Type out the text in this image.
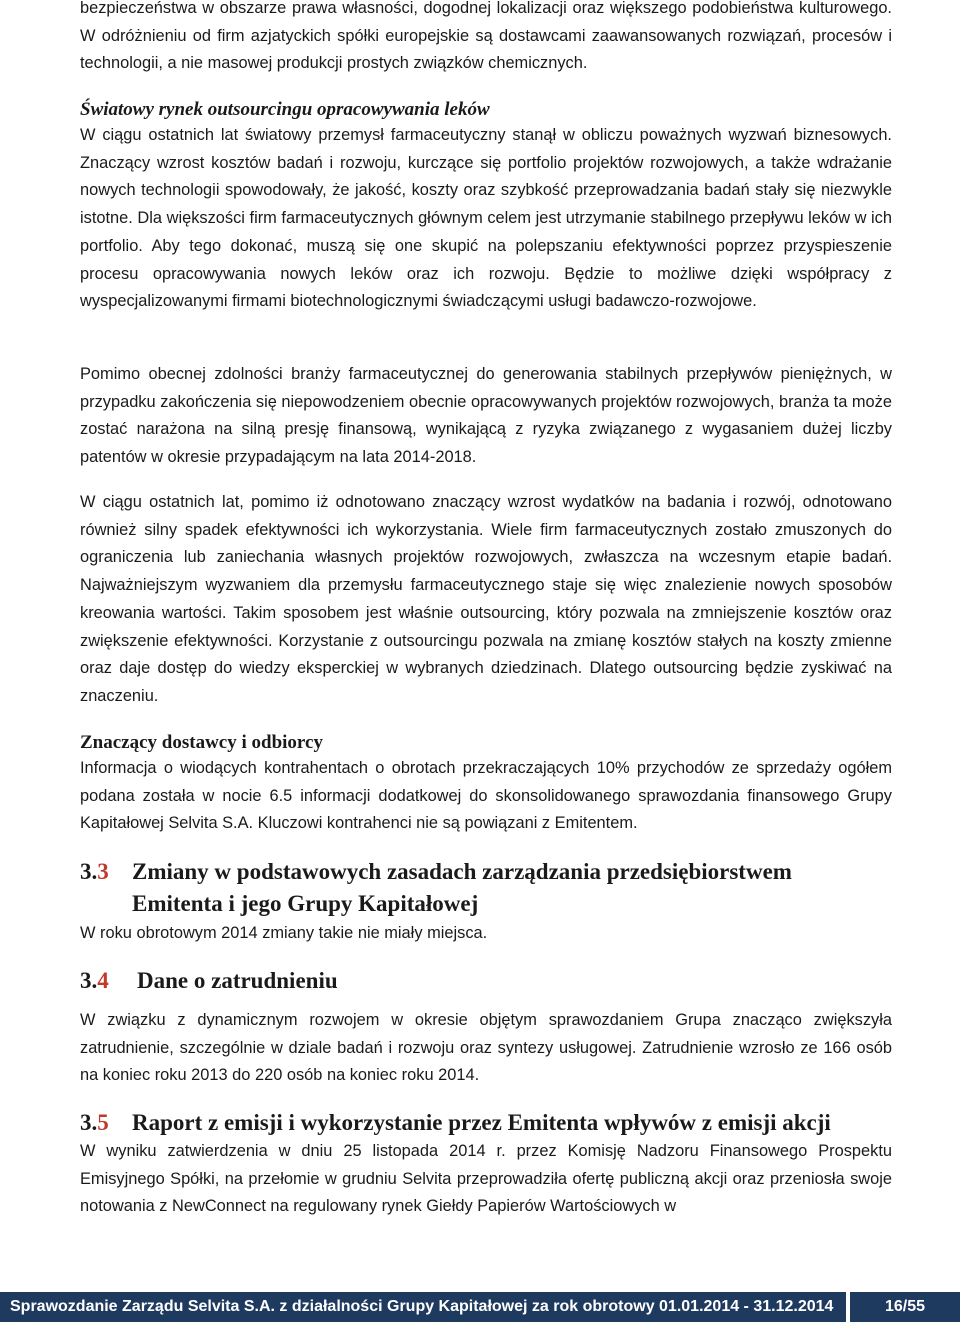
bezpieczeństwa w obszarze prawa własności, dogodnej lokalizacji oraz większego podobieństwa kulturowego. W odróżnieniu od firm azjatyckich spółki europejskie są dostawcami zaawansowanych rozwiązań, procesów i technologii, a nie masowej produkcji prostych związków chemicznych.

Światowy rynek outsourcingu opracowywania leków

W ciągu ostatnich lat światowy przemysł farmaceutyczny stanął w obliczu poważnych wyzwań biznesowych. Znaczący wzrost kosztów badań i rozwoju, kurczące się portfolio projektów rozwojowych, a także wdrażanie nowych technologii spowodowały, że jakość, koszty oraz szybkość przeprowadzania badań stały się niezwykle istotne. Dla większości firm farmaceutycznych głównym celem jest utrzymanie stabilnego przepływu leków w ich portfolio. Aby tego dokonać, muszą się one skupić na polepszaniu efektywności poprzez przyspieszenie procesu opracowywania nowych leków oraz ich rozwoju. Będzie to możliwe dzięki współpracy z wyspecjalizowanymi firmami biotechnologicznymi świadczącymi usługi badawczo-rozwojowe.

Pomimo obecnej zdolności branży farmaceutycznej do generowania stabilnych przepływów pieniężnych, w przypadku zakończenia się niepowodzeniem obecnie opracowywanych projektów rozwojowych, branża ta może zostać narażona na silną presję finansową, wynikającą z ryzyka związanego z wygasaniem dużej liczby patentów w okresie przypadającym na lata 2014-2018.

W ciągu ostatnich lat, pomimo iż odnotowano znaczący wzrost wydatków na badania i rozwój, odnotowano również silny spadek efektywności ich wykorzystania. Wiele firm farmaceutycznych zostało zmuszonych do ograniczenia lub zaniechania własnych projektów rozwojowych, zwłaszcza na wczesnym etapie badań. Najważniejszym wyzwaniem dla przemysłu farmaceutycznego staje się więc znalezienie nowych sposobów kreowania wartości. Takim sposobem jest właśnie outsourcing, który pozwala na zmniejszenie kosztów oraz zwiększenie efektywności. Korzystanie z outsourcingu pozwala na zmianę kosztów stałych na koszty zmienne oraz daje dostęp do wiedzy eksperckiej w wybranych dziedzinach. Dlatego outsourcing będzie zyskiwać na znaczeniu.

Znaczący dostawcy i odbiorcy

Informacja o wiodących kontrahentach o obrotach przekraczających 10% przychodów ze sprzedaży ogółem podana została w nocie 6.5 informacji dodatkowej do skonsolidowanego sprawozdania finansowego Grupy Kapitałowej Selvita S.A. Kluczowi kontrahenci nie są powiązani z Emitentem.

3.3	Zmiany w podstawowych zasadach zarządzania przedsiębiorstwem
Emitenta i jego Grupy Kapitałowej

W roku obrotowym 2014 zmiany takie nie miały miejsca.

3.4	Dane o zatrudnieniu

W związku z dynamicznym rozwojem w okresie objętym sprawozdaniem Grupa znacząco zwiększyła zatrudnienie, szczególnie w dziale badań i rozwoju oraz syntezy usługowej. Zatrudnienie wzrosło ze 166 osób na koniec roku 2013 do 220 osób na koniec roku 2014.

3.5	Raport z emisji i wykorzystanie przez Emitenta wpływów z emisji akcji

W wyniku zatwierdzenia w dniu 25 listopada 2014 r. przez Komisję Nadzoru Finansowego Prospektu Emisyjnego Spółki, na przełomie w grudniu Selvita przeprowadziła ofertę publiczną akcji oraz przeniosła swoje notowania z NewConnect na regulowany rynek Giełdy Papierów Wartościowych w

Sprawozdanie Zarządu Selvita S.A. z działalności Grupy Kapitałowej za rok obrotowy 01.01.2014 - 31.12.2014	16/55
